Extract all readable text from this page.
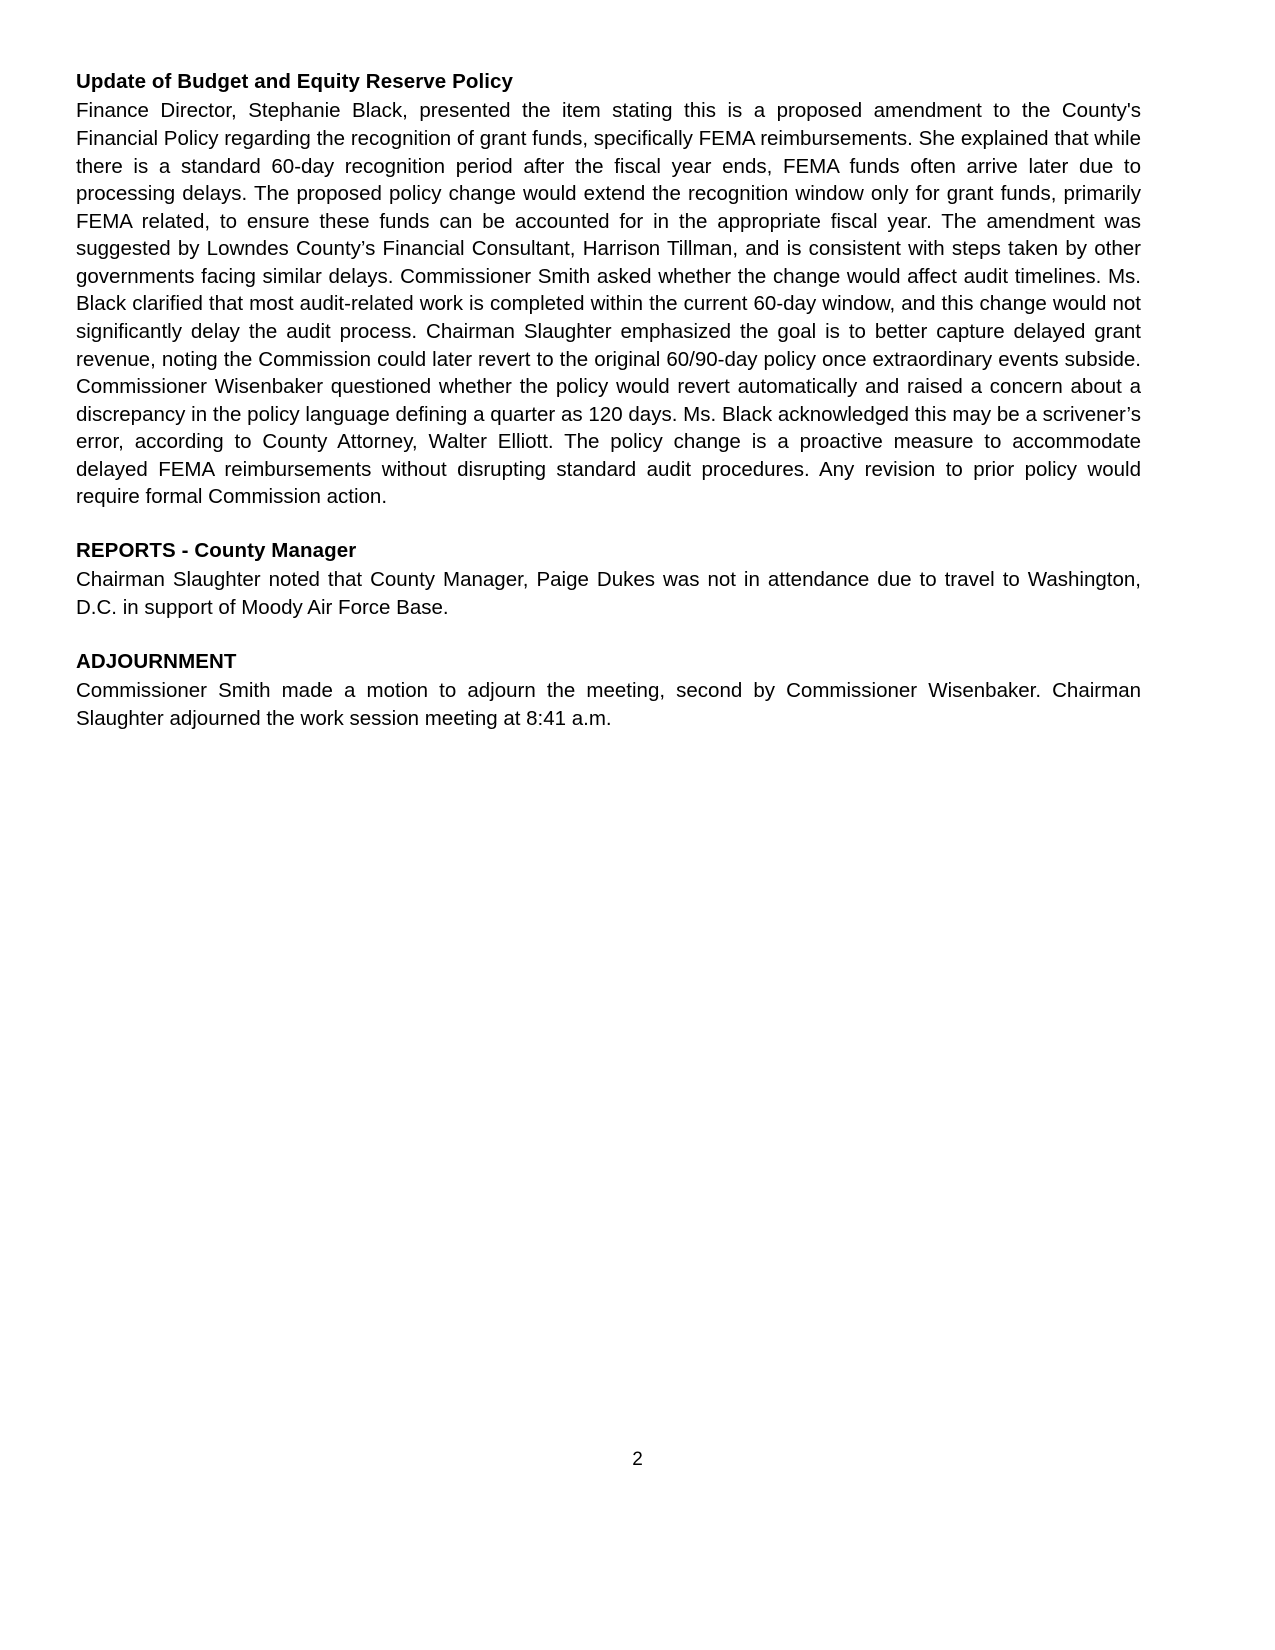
Update of Budget and Equity Reserve Policy

Finance Director, Stephanie Black, presented the item stating this is a proposed amendment to the County's Financial Policy regarding the recognition of grant funds, specifically FEMA reimbursements. She explained that while there is a standard 60-day recognition period after the fiscal year ends, FEMA funds often arrive later due to processing delays. The proposed policy change would extend the recognition window only for grant funds, primarily FEMA related, to ensure these funds can be accounted for in the appropriate fiscal year. The amendment was suggested by Lowndes County’s Financial Consultant, Harrison Tillman, and is consistent with steps taken by other governments facing similar delays. Commissioner Smith asked whether the change would affect audit timelines. Ms. Black clarified that most audit-related work is completed within the current 60-day window, and this change would not significantly delay the audit process. Chairman Slaughter emphasized the goal is to better capture delayed grant revenue, noting the Commission could later revert to the original 60/90-day policy once extraordinary events subside. Commissioner Wisenbaker questioned whether the policy would revert automatically and raised a concern about a discrepancy in the policy language defining a quarter as 120 days. Ms. Black acknowledged this may be a scrivener’s error, according to County Attorney, Walter Elliott. The policy change is a proactive measure to accommodate delayed FEMA reimbursements without disrupting standard audit procedures. Any revision to prior policy would require formal Commission action.

REPORTS - County Manager

Chairman Slaughter noted that County Manager, Paige Dukes was not in attendance due to travel to Washington, D.C. in support of Moody Air Force Base.

ADJOURNMENT

Commissioner Smith made a motion to adjourn the meeting, second by Commissioner Wisenbaker. Chairman Slaughter adjourned the work session meeting at 8:41 a.m.

2
